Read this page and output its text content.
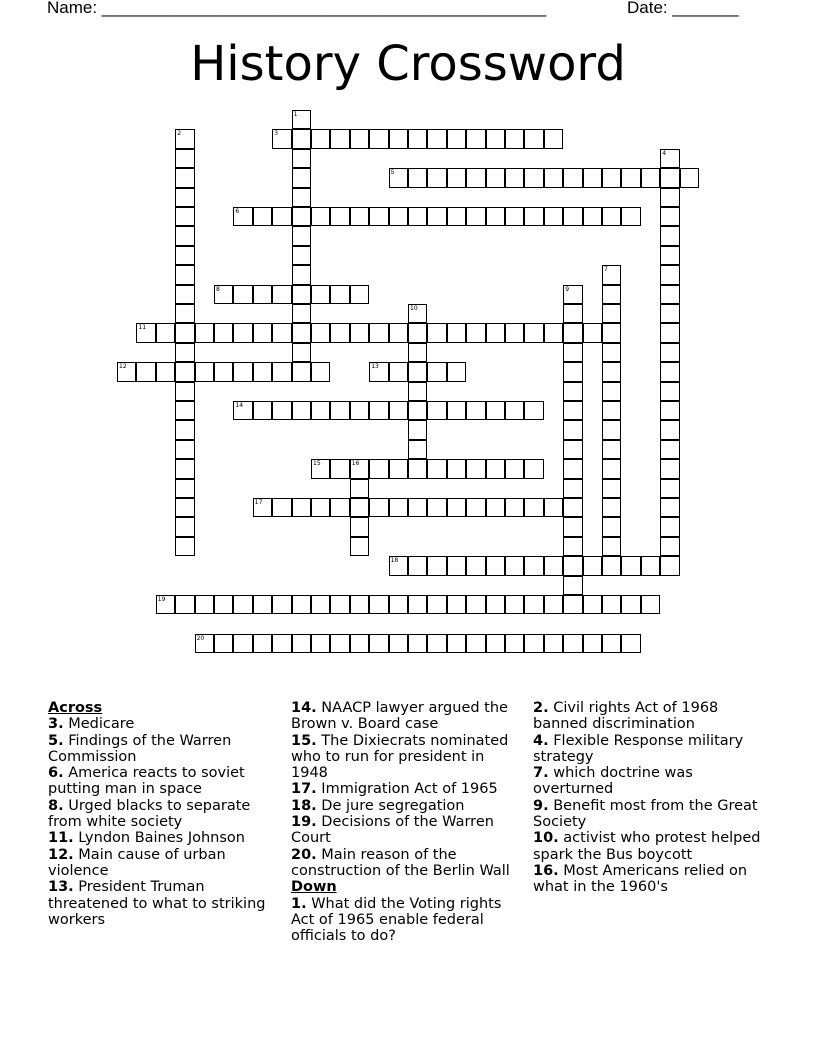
Name: _______________________________________________	Date: _______
History Crossword
1
2	3
4
5
6
7
8	9
10
11
12	13
14
15	16
17
18
19
20
Across
3. Medicare
5. Findings of the Warren Commission
6. America reacts to soviet putting man in space
8. Urged blacks to separate from white society
11. Lyndon Baines Johnson
12. Main cause of urban violence
13. President Truman threatened to what to striking workers
14. NAACP lawyer argued the Brown v. Board case
15. The Dixiecrats nominated who to run for president in 1948
17. Immigration Act of 1965
18. De jure segregation
19. Decisions of the Warren Court
20. Main reason of the construction of the Berlin Wall
Down
1. What did the Voting rights Act of 1965 enable federal officials to do?
2. Civil rights Act of 1968 banned discrimination
4. Flexible Response military strategy
7. which doctrine was overturned
9. Benefit most from the Great Society
10. activist who protest helped spark the Bus boycott
16. Most Americans relied on what in the 1960's
